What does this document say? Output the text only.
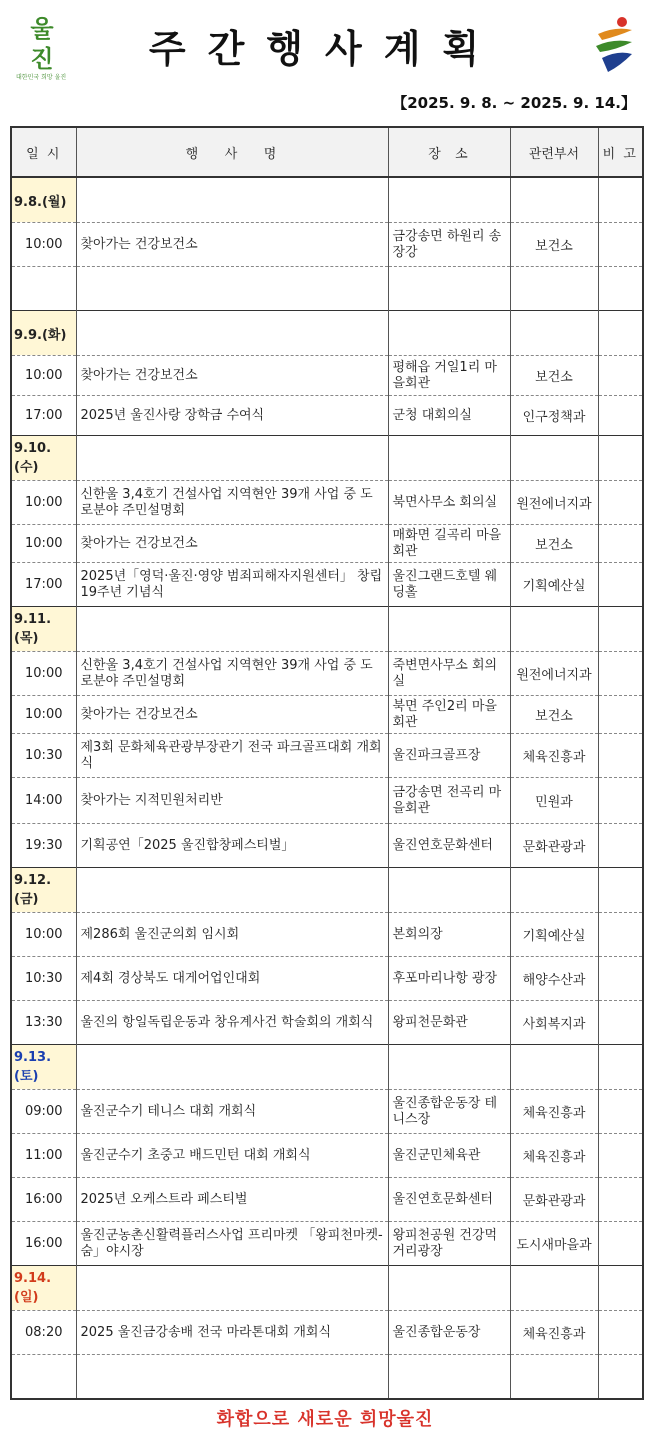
울진
대한민국 희망 울진
주간행사계획
【2025. 9. 8. ~ 2025. 9. 14.】
일 시	행    사    명	장  소	관련부서	비 고
9.8.(월)				
10:00	찾아가는 건강보건소	금강송면 하원리 송장강	보건소	

9.9.(화)				
10:00	찾아가는 건강보건소	평해읍 거일1리 마을회관	보건소	
17:00	2025년 울진사랑 장학금 수여식	군청 대회의실	인구정책과	
9.10.(수)				
10:00	신한울 3,4호기 건설사업 지역현안 39개 사업 중 도로분야 주민설명회	북면사무소 회의실	원전에너지과	
10:00	찾아가는 건강보건소	매화면 길곡리 마을회관	보건소	
17:00	2025년「영덕·울진·영양 범죄피해자지원센터」 창립 19주년 기념식	울진그랜드호텔 웨딩홀	기획예산실	
9.11.(목)				
10:00	신한울 3,4호기 건설사업 지역현안 39개 사업 중 도로분야 주민설명회	죽변면사무소 회의실	원전에너지과	
10:00	찾아가는 건강보건소	북면 주인2리 마을회관	보건소	
10:30	제3회 문화체육관광부장관기 전국 파크골프대회 개회식	울진파크골프장	체육진흥과	
14:00	찾아가는 지적민원처리반	금강송면 전곡리 마을회관	민원과	
19:30	기획공연「2025 울진합창페스티벌」	울진연호문화센터	문화관광과	
9.12.(금)				
10:00	제286회 울진군의회 임시회	본회의장	기획예산실	
10:30	제4회 경상북도 대게어업인대회	후포마리나항 광장	해양수산과	
13:30	울진의 항일독립운동과 창유계사건 학술회의 개회식	왕피천문화관	사회복지과	
9.13.(토)				
09:00	울진군수기 테니스 대회 개회식	울진종합운동장 테니스장	체육진흥과	
11:00	울진군수기 초중고 배드민턴 대회 개회식	울진군민체육관	체육진흥과	
16:00	2025년 오케스트라 페스티벌	울진연호문화센터	문화관광과	
16:00	울진군농촌신활력플러스사업 프리마켓 「왕피천마켓-숨」야시장	왕피천공원 건강먹거리광장	도시새마을과	
9.14.(일)				
08:20	2025 울진금강송배 전국 마라톤대회 개회식	울진종합운동장	체육진흥과	

화합으로 새로운 희망울진
